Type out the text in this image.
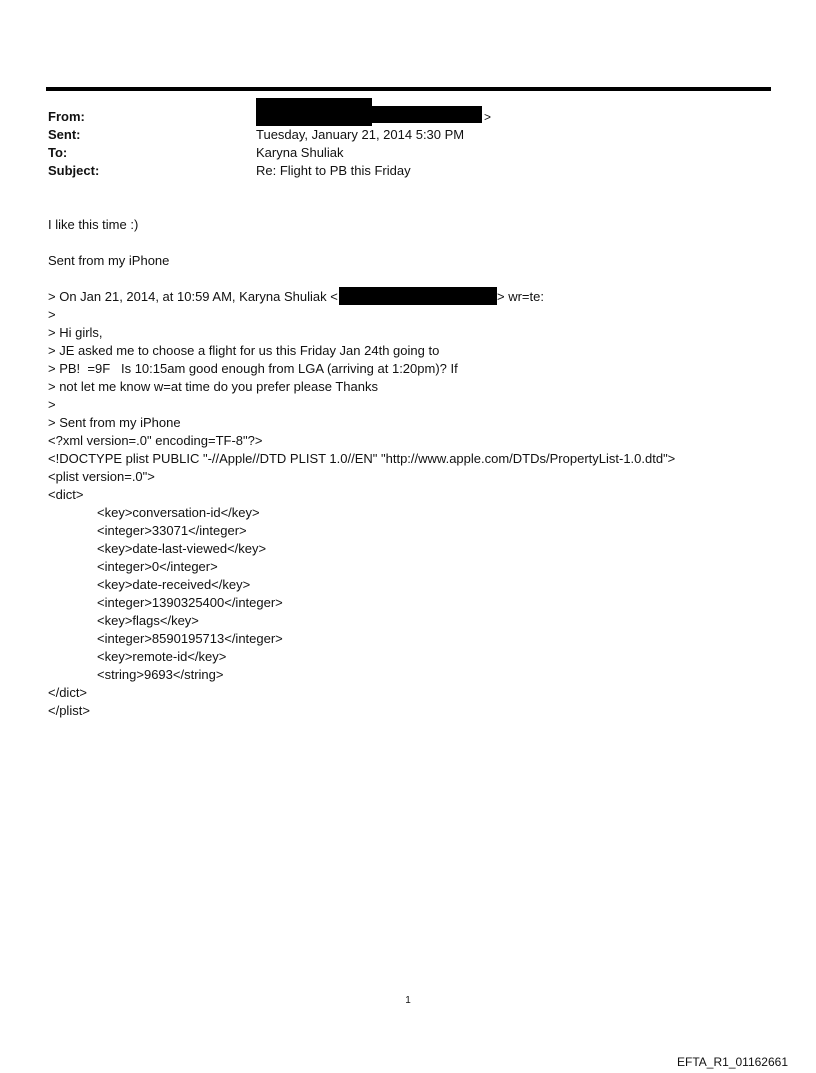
From:	>
Sent:	Tuesday, January 21, 2014 5:30 PM
To:	Karyna Shuliak
Subject:	Re: Flight to PB this Friday
I like this time :)
Sent from my iPhone
> On Jan 21, 2014, at 10:59 AM, Karyna Shuliak <	> wr=te:
>
> Hi girls,
> JE asked me to choose a flight for us this Friday Jan 24th going to
> PB!  =9F   Is 10:15am good enough from LGA (arriving at 1:20pm)? If
> not let me know w=at time do you prefer please Thanks
>
> Sent from my iPhone
<?xml version=.0" encoding=TF-8"?>
<!DOCTYPE plist PUBLIC "-//Apple//DTD PLIST 1.0//EN" "http://www.apple.com/DTDs/PropertyList-1.0.dtd">
<plist version=.0">
<dict>
<key>conversation-id</key>
<integer>33071</integer>
<key>date-last-viewed</key>
<integer>0</integer>
<key>date-received</key>
<integer>1390325400</integer>
<key>flags</key>
<integer>8590195713</integer>
<key>remote-id</key>
<string>9693</string>
</dict>
</plist>
1
EFTA_R1_01162661
